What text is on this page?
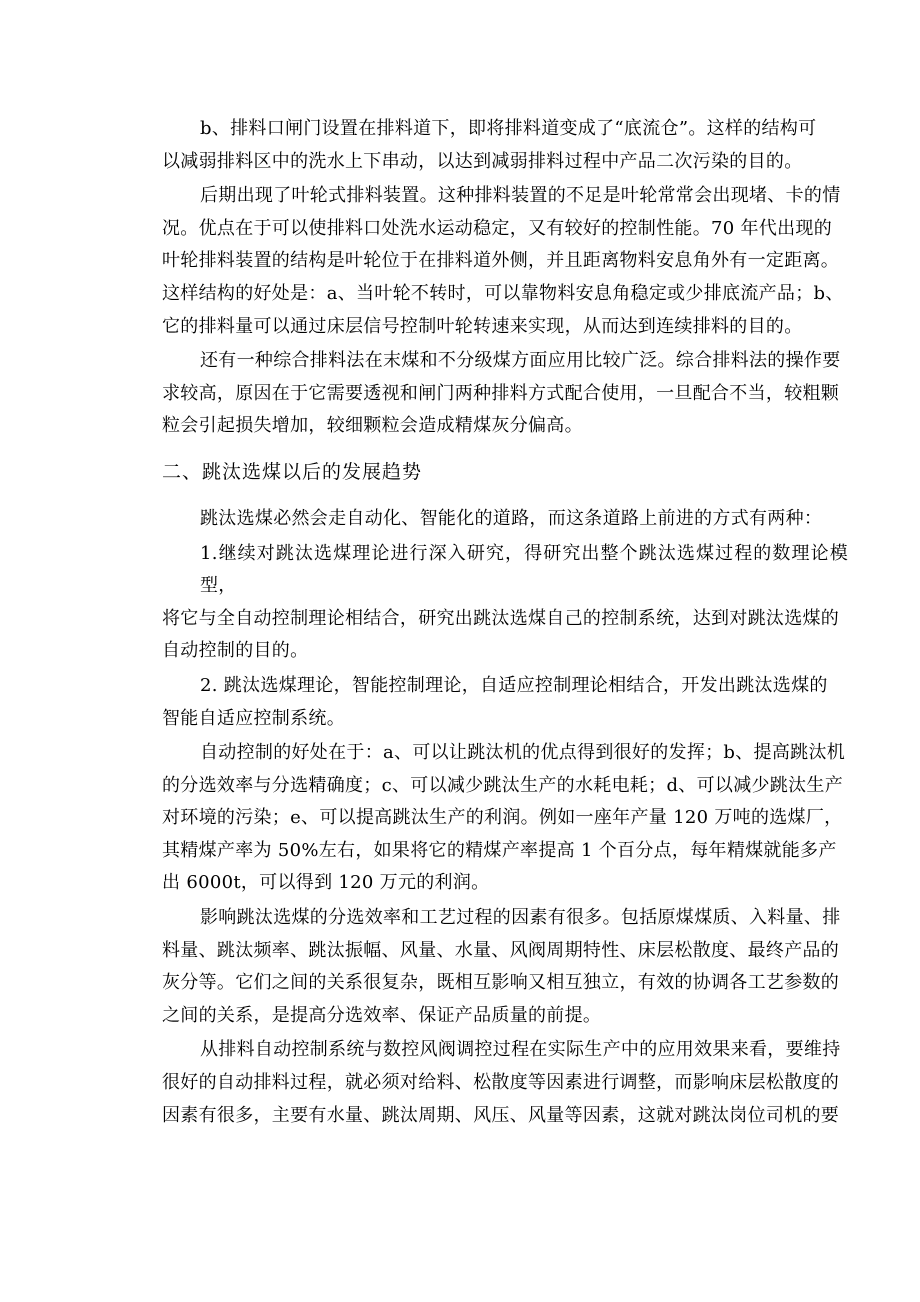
b、排料口闸门设置在排料道下，即将排料道变成了“底流仓”。这样的结构可
以减弱排料区中的洗水上下串动，以达到减弱排料过程中产品二次污染的目的。

后期出现了叶轮式排料装置。这种排料装置的不足是叶轮常常会出现堵、卡的情
况。优点在于可以使排料口处洗水运动稳定，又有较好的控制性能。70 年代出现的
叶轮排料装置的结构是叶轮位于在排料道外侧，并且距离物料安息角外有一定距离。
这样结构的好处是：a、当叶轮不转时，可以靠物料安息角稳定或少排底流产品；b、
它的排料量可以通过床层信号控制叶轮转速来实现，从而达到连续排料的目的。

还有一种综合排料法在末煤和不分级煤方面应用比较广泛。综合排料法的操作要
求较高，原因在于它需要透视和闸门两种排料方式配合使用，一旦配合不当，较粗颗
粒会引起损失增加，较细颗粒会造成精煤灰分偏高。

二、跳汰选煤以后的发展趋势

跳汰选煤必然会走自动化、智能化的道路，而这条道路上前进的方式有两种：

1.继续对跳汰选煤理论进行深入研究，得研究出整个跳汰选煤过程的数理论模型，
将它与全自动控制理论相结合，研究出跳汰选煤自己的控制系统，达到对跳汰选煤的
自动控制的目的。

2. 跳汰选煤理论，智能控制理论，自适应控制理论相结合，开发出跳汰选煤的
智能自适应控制系统。

自动控制的好处在于：a、可以让跳汰机的优点得到很好的发挥；b、提高跳汰机
的分选效率与分选精确度；c、可以减少跳汰生产的水耗电耗；d、可以减少跳汰生产
对环境的污染；e、可以提高跳汰生产的利润。例如一座年产量 120 万吨的选煤厂，
其精煤产率为 50%左右，如果将它的精煤产率提高 1 个百分点，每年精煤就能多产
出 6000t，可以得到 120 万元的利润。

影响跳汰选煤的分选效率和工艺过程的因素有很多。包括原煤煤质、入料量、排
料量、跳汰频率、跳汰振幅、风量、水量、风阀周期特性、床层松散度、最终产品的
灰分等。它们之间的关系很复杂，既相互影响又相互独立，有效的协调各工艺参数的
之间的关系，是提高分选效率、保证产品质量的前提。

从排料自动控制系统与数控风阀调控过程在实际生产中的应用效果来看，要维持
很好的自动排料过程，就必须对给料、松散度等因素进行调整，而影响床层松散度的
因素有很多，主要有水量、跳汰周期、风压、风量等因素，这就对跳汰岗位司机的要
